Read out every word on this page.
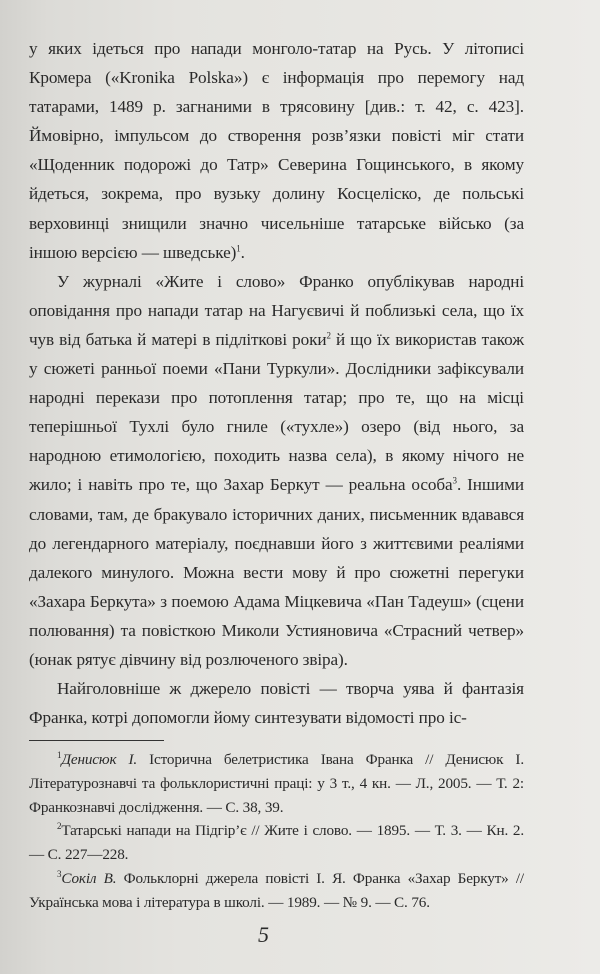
у яких ідеться про напади монголо-татар на Русь. У літописі Кромера («Kronika Polska») є інформація про перемогу над татарами, 1489 р. загнаними в трясовину [див.: т. 42, с. 423]. Ймовірно, імпульсом до створення розв’язки повісті міг стати «Щоденник подорожі до Татр» Северина Гощинського, в якому йдеться, зокрема, про вузьку долину Косцеліско, де польські верховинці знищили значно чисельніше татарське військо (за іншою версією — шведське)$^1$.

У журналі «Жите і слово» Франко опублікував народні оповідання про напади татар на Нагуєвичі й поблизькі села, що їх чув від батька й матері в підліткові роки$^2$ й що їх використав також у сюжеті ранньої поеми «Пани Туркули». Дослідники зафіксували народні перекази про потоплення татар; про те, що на місці теперішньої Тухлі було гниле («тухле») озеро (від нього, за народною етимологією, походить назва села), в якому нічого не жило; і навіть про те, що Захар Беркут — реальна особа$^3$. Іншими словами, там, де бракувало історичних даних, письменник вдавався до легендарного матеріалу, поєднавши його з життєвими реаліями далекого минулого. Можна вести мову й про сюжетні перегуки «Захара Беркута» з поемою Адама Міцкевича «Пан Тадеуш» (сцени полювання) та повісткою Миколи Устияновича «Страсний четвер» (юнак рятує дівчину від розлюченого звіра).

Найголовніше ж джерело повісті — творча уява й фантазія Франка, котрі допомогли йому синтезувати відомості про іс-

$^1$Денисюк І. Історична белетристика Івана Франка // Денисюк І. Літературознавчі та фольклористичні праці: у 3 т., 4 кн. — Л., 2005. — Т. 2: Франкознавчі дослідження. — С. 38, 39.

$^2$Татарські напади на Підгір’є // Жите і слово. — 1895. — Т. 3. — Кн. 2. — С. 227—228.

$^3$Сокіл В. Фольклорні джерела повісті І. Я. Франка «Захар Беркут» // Українська мова і література в школі. — 1989. — № 9. — С. 76.

5
